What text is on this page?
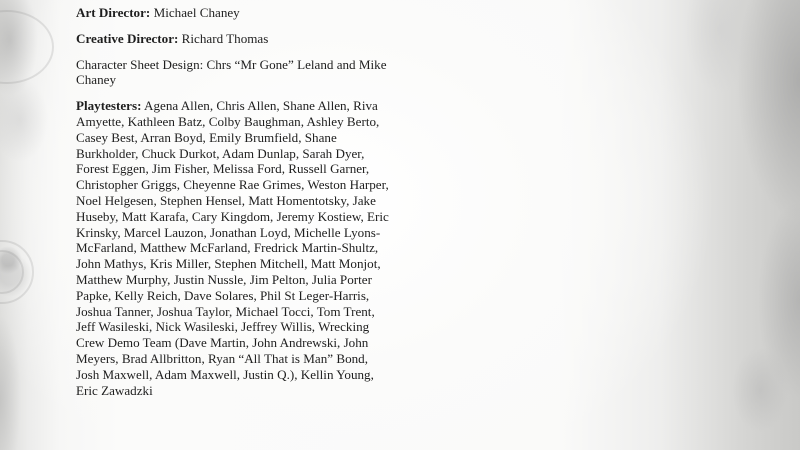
Art Director: Michael Chaney

Creative Director: Richard Thomas

Character Sheet Design: Chrs “Mr Gone” Leland and Mike Chaney

Playtesters: Agena Allen, Chris Allen, Shane Allen, Riva Amyette, Kathleen Batz, Colby Baughman, Ashley Berto, Casey Best, Arran Boyd, Emily Brumfield, Shane Burkholder, Chuck Durkot, Adam Dunlap, Sarah Dyer, Forest Eggen, Jim Fisher, Melissa Ford, Russell Garner, Christopher Griggs, Cheyenne Rae Grimes, Weston Harper, Noel Helgesen, Stephen Hensel, Matt Homentotsky, Jake Huseby, Matt Karafa, Cary Kingdom, Jeremy Kostiew, Eric Krinsky, Marcel Lauzon, Jonathan Loyd, Michelle Lyons-McFarland, Matthew McFarland, Fredrick Martin-Shultz, John Mathys, Kris Miller, Stephen Mitchell, Matt Monjot, Matthew Murphy, Justin Nussle, Jim Pelton, Julia Porter Papke, Kelly Reich, Dave Solares, Phil St Leger-Harris, Joshua Tanner, Joshua Taylor, Michael Tocci, Tom Trent, Jeff Wasileski, Nick Wasileski, Jeffrey Willis, Wrecking Crew Demo Team (Dave Martin, John Andrewski, John Meyers, Brad Allbritton, Ryan “All That is Man” Bond, Josh Maxwell, Adam Maxwell, Justin Q.), Kellin Young, Eric Zawadzki
